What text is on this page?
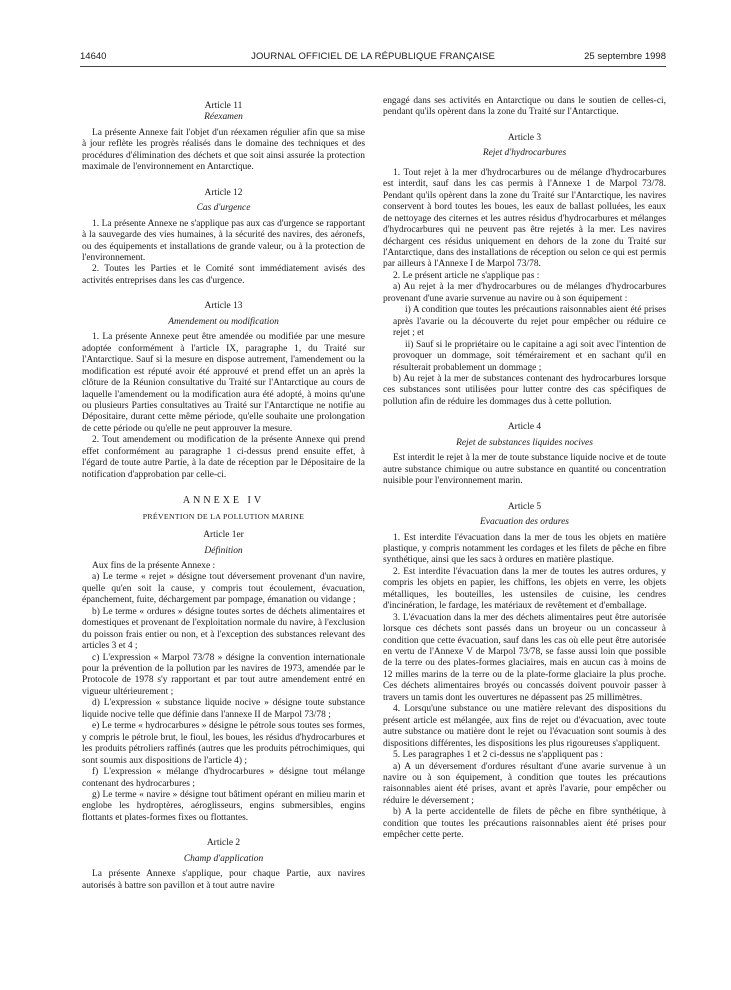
14640	JOURNAL OFFICIEL DE LA RÉPUBLIQUE FRANÇAISE	25 septembre 1998

Article 11

Réexamen

La présente Annexe fait l'objet d'un réexamen régulier afin que sa mise à jour reflète les progrès réalisés dans le domaine des techniques et des procédures d'élimination des déchets et que soit ainsi assurée la protection maximale de l'environnement en Antarctique.

Article 12

Cas d'urgence

1. La présente Annexe ne s'applique pas aux cas d'urgence se rapportant à la sauvegarde des vies humaines, à la sécurité des navires, des aéronefs, ou des équipements et installations de grande valeur, ou à la protection de l'environnement.

2. Toutes les Parties et le Comité sont immédiatement avisés des activités entreprises dans les cas d'urgence.

Article 13

Amendement ou modification

1. La présente Annexe peut être amendée ou modifiée par une mesure adoptée conformément à l'article IX, paragraphe 1, du Traité sur l'Antarctique. Sauf si la mesure en dispose autrement, l'amendement ou la modification est réputé avoir été approuvé et prend effet un an après la clôture de la Réunion consultative du Traité sur l'Antarctique au cours de laquelle l'amendement ou la modification aura été adopté, à moins qu'une ou plusieurs Parties consultatives au Traité sur l'Antarctique ne notifie au Dépositaire, durant cette même période, qu'elle souhaite une prolongation de cette période ou qu'elle ne peut approuver la mesure.

2. Tout amendement ou modification de la présente Annexe qui prend effet conformément au paragraphe 1 ci-dessus prend ensuite effet, à l'égard de toute autre Partie, à la date de réception par le Dépositaire de la notification d'approbation par celle-ci.

ANNEXE IV

PRÉVENTION DE LA POLLUTION MARINE

Article 1er

Définition

Aux fins de la présente Annexe :

a) Le terme « rejet » désigne tout déversement provenant d'un navire, quelle qu'en soit la cause, y compris tout écoulement, évacuation, épanchement, fuite, déchargement par pompage, émanation ou vidange ;

b) Le terme « ordures » désigne toutes sortes de déchets alimentaires et domestiques et provenant de l'exploitation normale du navire, à l'exclusion du poisson frais entier ou non, et à l'exception des substances relevant des articles 3 et 4 ;

c) L'expression « Marpol 73/78 » désigne la convention internationale pour la prévention de la pollution par les navires de 1973, amendée par le Protocole de 1978 s'y rapportant et par tout autre amendement entré en vigueur ultérieurement ;

d) L'expression « substance liquide nocive » désigne toute substance liquide nocive telle que définie dans l'annexe II de Marpol 73/78 ;

e) Le terme « hydrocarbures » désigne le pétrole sous toutes ses formes, y compris le pétrole brut, le fioul, les boues, les résidus d'hydrocarbures et les produits pétroliers raffinés (autres que les produits pétrochimiques, qui sont soumis aux dispositions de l'article 4) ;

f) L'expression « mélange d'hydrocarbures » désigne tout mélange contenant des hydrocarbures ;

g) Le terme « navire » désigne tout bâtiment opérant en milieu marin et englobe les hydroptères, aéroglisseurs, engins submersibles, engins flottants et plates-formes fixes ou flottantes.

Article 2

Champ d'application

La présente Annexe s'applique, pour chaque Partie, aux navires autorisés à battre son pavillon et à tout autre navire

engagé dans ses activités en Antarctique ou dans le soutien de celles-ci, pendant qu'ils opèrent dans la zone du Traité sur l'Antarctique.

Article 3

Rejet d'hydrocarbures

1. Tout rejet à la mer d'hydrocarbures ou de mélange d'hydrocarbures est interdit, sauf dans les cas permis à l'Annexe 1 de Marpol 73/78. Pendant qu'ils opèrent dans la zone du Traité sur l'Antarctique, les navires conservent à bord toutes les boues, les eaux de ballast polluées, les eaux de nettoyage des citernes et les autres résidus d'hydrocarbures et mélanges d'hydrocarbures qui ne peuvent pas être rejetés à la mer. Les navires déchargent ces résidus uniquement en dehors de la zone du Traité sur l'Antarctique, dans des installations de réception ou selon ce qui est permis par ailleurs à l'Annexe I de Marpol 73/78.

2. Le présent article ne s'applique pas :

a) Au rejet à la mer d'hydrocarbures ou de mélanges d'hydrocarbures provenant d'une avarie survenue au navire ou à son équipement :

i) A condition que toutes les précautions raisonnables aient été prises après l'avarie ou la découverte du rejet pour empêcher ou réduire ce rejet ; et

ii) Sauf si le propriétaire ou le capitaine a agi soit avec l'intention de provoquer un dommage, soit témérairement et en sachant qu'il en résulterait probablement un dommage ;

b) Au rejet à la mer de substances contenant des hydrocarbures lorsque ces substances sont utilisées pour lutter contre des cas spécifiques de pollution afin de réduire les dommages dus à cette pollution.

Article 4

Rejet de substances liquides nocives

Est interdit le rejet à la mer de toute substance liquide nocive et de toute autre substance chimique ou autre substance en quantité ou concentration nuisible pour l'environnement marin.

Article 5

Evacuation des ordures

1. Est interdite l'évacuation dans la mer de tous les objets en matière plastique, y compris notamment les cordages et les filets de pêche en fibre synthétique, ainsi que les sacs à ordures en matière plastique.

2. Est interdite l'évacuation dans la mer de toutes les autres ordures, y compris les objets en papier, les chiffons, les objets en verre, les objets métalliques, les bouteilles, les ustensiles de cuisine, les cendres d'incinération, le fardage, les matériaux de revêtement et d'emballage.

3. L'évacuation dans la mer des déchets alimentaires peut être autorisée lorsque ces déchets sont passés dans un broyeur ou un concasseur à condition que cette évacuation, sauf dans les cas où elle peut être autorisée en vertu de l'Annexe V de Marpol 73/78, se fasse aussi loin que possible de la terre ou des plates-formes glaciaires, mais en aucun cas à moins de 12 milles marins de la terre ou de la plate-forme glaciaire la plus proche. Ces déchets alimentaires broyés ou concassés doivent pouvoir passer à travers un tamis dont les ouvertures ne dépassent pas 25 millimètres.

4. Lorsqu'une substance ou une matière relevant des dispositions du présent article est mélangée, aux fins de rejet ou d'évacuation, avec toute autre substance ou matière dont le rejet ou l'évacuation sont soumis à des dispositions différentes, les dispositions les plus rigoureuses s'appliquent.

5. Les paragraphes 1 et 2 ci-dessus ne s'appliquent pas :

a) A un déversement d'ordures résultant d'une avarie survenue à un navire ou à son équipement, à condition que toutes les précautions raisonnables aient été prises, avant et après l'avarie, pour empêcher ou réduire le déversement ;

b) A la perte accidentelle de filets de pêche en fibre synthétique, à condition que toutes les précautions raisonnables aient été prises pour empêcher cette perte.
